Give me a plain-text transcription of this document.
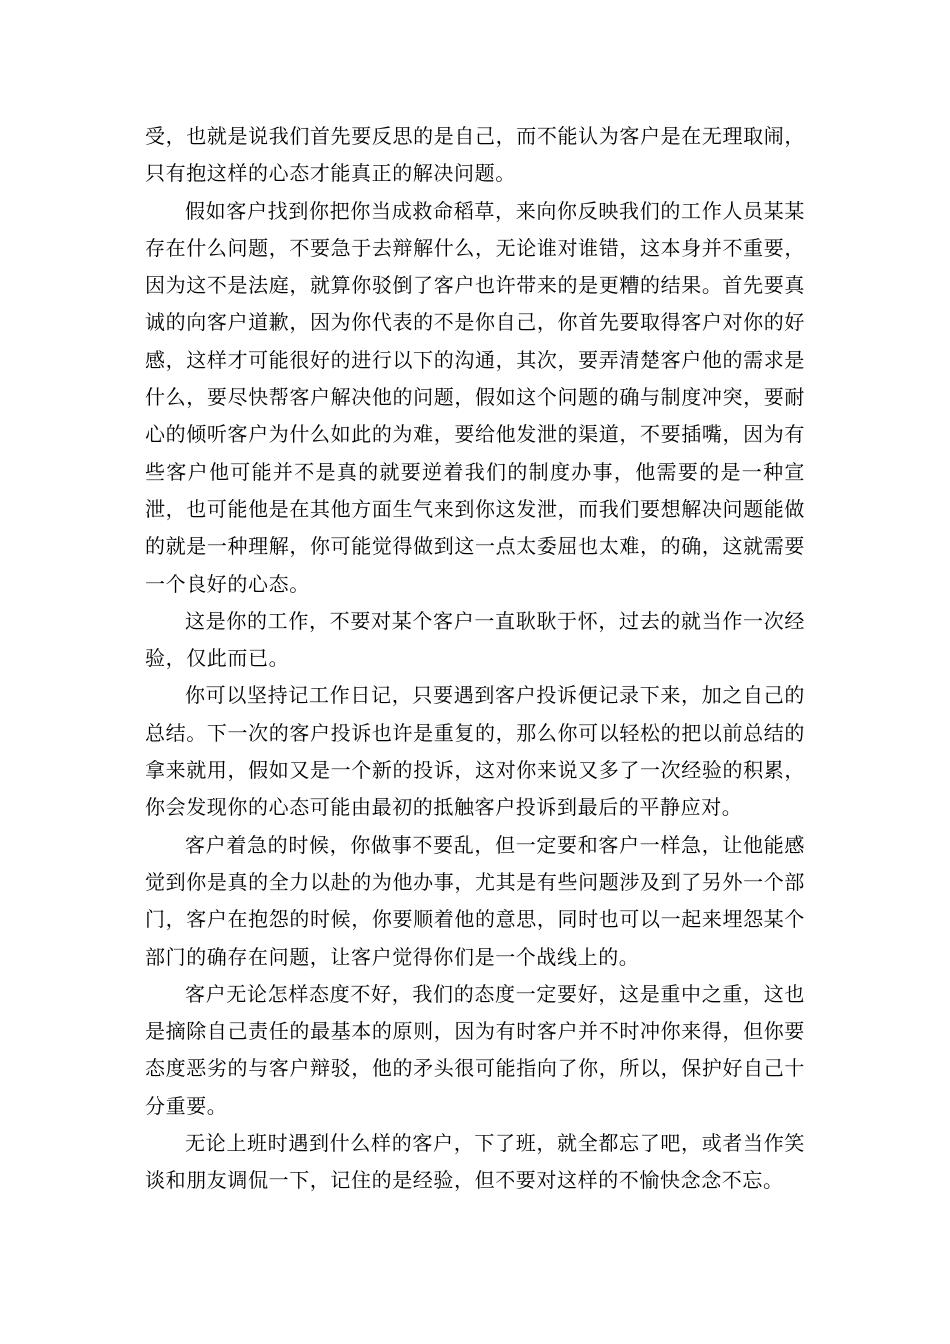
受，也就是说我们首先要反思的是自己，而不能认为客户是在无理取闹，只有抱这样的心态才能真正的解决问题。

假如客户找到你把你当成救命稻草，来向你反映我们的工作人员某某存在什么问题，不要急于去辩解什么，无论谁对谁错，这本身并不重要，因为这不是法庭，就算你驳倒了客户也许带来的是更糟的结果。首先要真诚的向客户道歉，因为你代表的不是你自己，你首先要取得客户对你的好感，这样才可能很好的进行以下的沟通，其次，要弄清楚客户他的需求是什么，要尽快帮客户解决他的问题，假如这个问题的确与制度冲突，要耐心的倾听客户为什么如此的为难，要给他发泄的渠道，不要插嘴，因为有些客户他可能并不是真的就要逆着我们的制度办事，他需要的是一种宣泄，也可能他是在其他方面生气来到你这发泄，而我们要想解决问题能做的就是一种理解，你可能觉得做到这一点太委屈也太难，的确，这就需要一个良好的心态。

这是你的工作，不要对某个客户一直耿耿于怀，过去的就当作一次经验，仅此而已。

你可以坚持记工作日记，只要遇到客户投诉便记录下来，加之自己的总结。下一次的客户投诉也许是重复的，那么你可以轻松的把以前总结的拿来就用，假如又是一个新的投诉，这对你来说又多了一次经验的积累，你会发现你的心态可能由最初的抵触客户投诉到最后的平静应对。

客户着急的时候，你做事不要乱，但一定要和客户一样急，让他能感觉到你是真的全力以赴的为他办事，尤其是有些问题涉及到了另外一个部门，客户在抱怨的时候，你要顺着他的意思，同时也可以一起来埋怨某个部门的确存在问题，让客户觉得你们是一个战线上的。

客户无论怎样态度不好，我们的态度一定要好，这是重中之重，这也是摘除自己责任的最基本的原则，因为有时客户并不时冲你来得，但你要态度恶劣的与客户辩驳，他的矛头很可能指向了你，所以，保护好自己十分重要。

无论上班时遇到什么样的客户，下了班，就全都忘了吧，或者当作笑谈和朋友调侃一下，记住的是经验，但不要对这样的不愉快念念不忘。
